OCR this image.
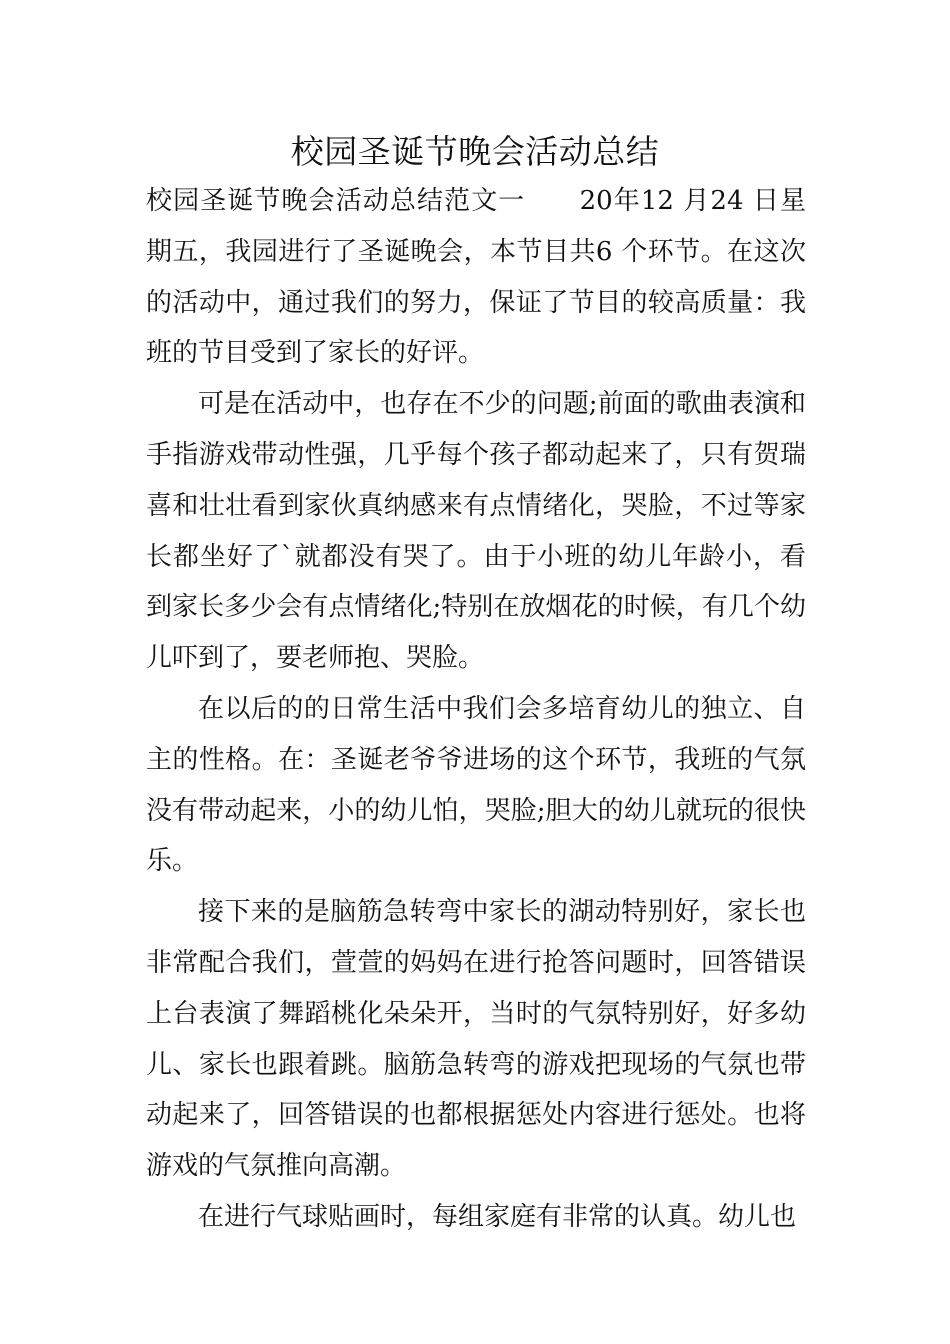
校园圣诞节晚会活动总结

校园圣诞节晚会活动总结范文一　　20年12 月24 日星期五，我园进行了圣诞晚会，本节目共6 个环节。在这次的活动中，通过我们的努力，保证了节目的较高质量：我班的节目受到了家长的好评。

可是在活动中，也存在不少的问题;前面的歌曲表演和手指游戏带动性强，几乎每个孩子都动起来了，只有贺瑞喜和壮壮看到家伙真纳感来有点情绪化，哭脸，不过等家长都坐好了`就都没有哭了。由于小班的幼儿年龄小，看到家长多少会有点情绪化;特别在放烟花的时候，有几个幼儿吓到了，要老师抱、哭脸。

在以后的的日常生活中我们会多培育幼儿的独立、自主的性格。在：圣诞老爷爷进场的这个环节，我班的气氛没有带动起来，小的幼儿怕，哭脸;胆大的幼儿就玩的很快乐。

接下来的是脑筋急转弯中家长的湖动特别好，家长也非常配合我们，萱萱的妈妈在进行抢答问题时，回答错误上台表演了舞蹈桃化朵朵开，当时的气氛特别好，好多幼儿、家长也跟着跳。脑筋急转弯的游戏把现场的气氛也带动起来了，回答错误的也都根据惩处内容进行惩处。也将游戏的气氛推向高潮。

在进行气球贴画时，每组家庭有非常的认真。幼儿也
